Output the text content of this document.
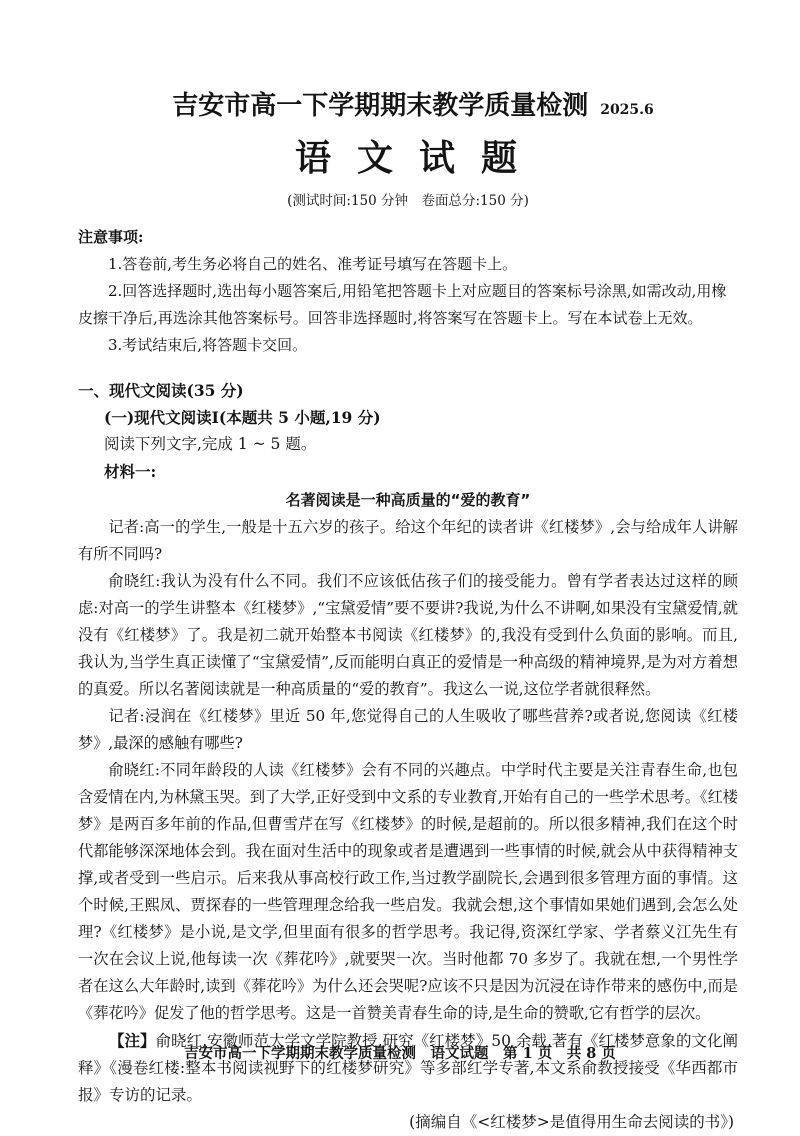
吉安市高一下学期期末教学质量检测 2025.6
语文试题
(测试时间:150 分钟　卷面总分:150 分)

注意事项:

1.答卷前,考生务必将自己的姓名、准考证号填写在答题卡上。

2.回答选择题时,选出每小题答案后,用铅笔把答题卡上对应题目的答案标号涂黑,如需改动,用橡皮擦干净后,再选涂其他答案标号。回答非选择题时,将答案写在答题卡上。写在本试卷上无效。

3.考试结束后,将答题卡交回。

一、现代文阅读(35 分)

(一)现代文阅读Ⅰ(本题共 5 小题,19 分)

阅读下列文字,完成 1 ~ 5 题。

材料一:

名著阅读是一种高质量的“爱的教育”

记者:高一的学生,一般是十五六岁的孩子。给这个年纪的读者讲《红楼梦》,会与给成年人讲解有所不同吗?

俞晓红:我认为没有什么不同。我们不应该低估孩子们的接受能力。曾有学者表达过这样的顾虑:对高一的学生讲整本《红楼梦》,“宝黛爱情”要不要讲?我说,为什么不讲啊,如果没有宝黛爱情,就没有《红楼梦》了。我是初二就开始整本书阅读《红楼梦》的,我没有受到什么负面的影响。而且,我认为,当学生真正读懂了“宝黛爱情”,反而能明白真正的爱情是一种高级的精神境界,是为对方着想的真爱。所以名著阅读就是一种高质量的“爱的教育”。我这么一说,这位学者就很释然。

记者:浸润在《红楼梦》里近 50 年,您觉得自己的人生吸收了哪些营养?或者说,您阅读《红楼梦》,最深的感触有哪些?

俞晓红:不同年龄段的人读《红楼梦》会有不同的兴趣点。中学时代主要是关注青春生命,也包含爱情在内,为林黛玉哭。到了大学,正好受到中文系的专业教育,开始有自己的一些学术思考。《红楼梦》是两百多年前的作品,但曹雪芹在写《红楼梦》的时候,是超前的。所以很多精神,我们在这个时代都能够深深地体会到。我在面对生活中的现象或者是遭遇到一些事情的时候,就会从中获得精神支撑,或者受到一些启示。后来我从事高校行政工作,当过教学副院长,会遇到很多管理方面的事情。这个时候,王熙凤、贾探春的一些管理理念给我一些启发。我就会想,这个事情如果她们遇到,会怎么处理?《红楼梦》是小说,是文学,但里面有很多的哲学思考。我记得,资深红学家、学者蔡义江先生有一次在会议上说,他每读一次《葬花吟》,就要哭一次。当时他都 70 多岁了。我就在想,一个男性学者在这么大年龄时,读到《葬花吟》为什么还会哭呢?应该不只是因为沉浸在诗作带来的感伤中,而是《葬花吟》促发了他的哲学思考。这是一首赞美青春生命的诗,是生命的赞歌,它有哲学的层次。

【注】俞晓红,安徽师范大学文学院教授,研究《红楼梦》50 余载,著有《红楼梦意象的文化阐释》《漫卷红楼:整本书阅读视野下的红楼梦研究》等多部红学专著,本文系俞教授接受《华西都市报》专访的记录。

(摘编自《<红楼梦>是值得用生命去阅读的书》)

吉安市高一下学期期末教学质量检测　语文试题　第 1 页　共 8 页
